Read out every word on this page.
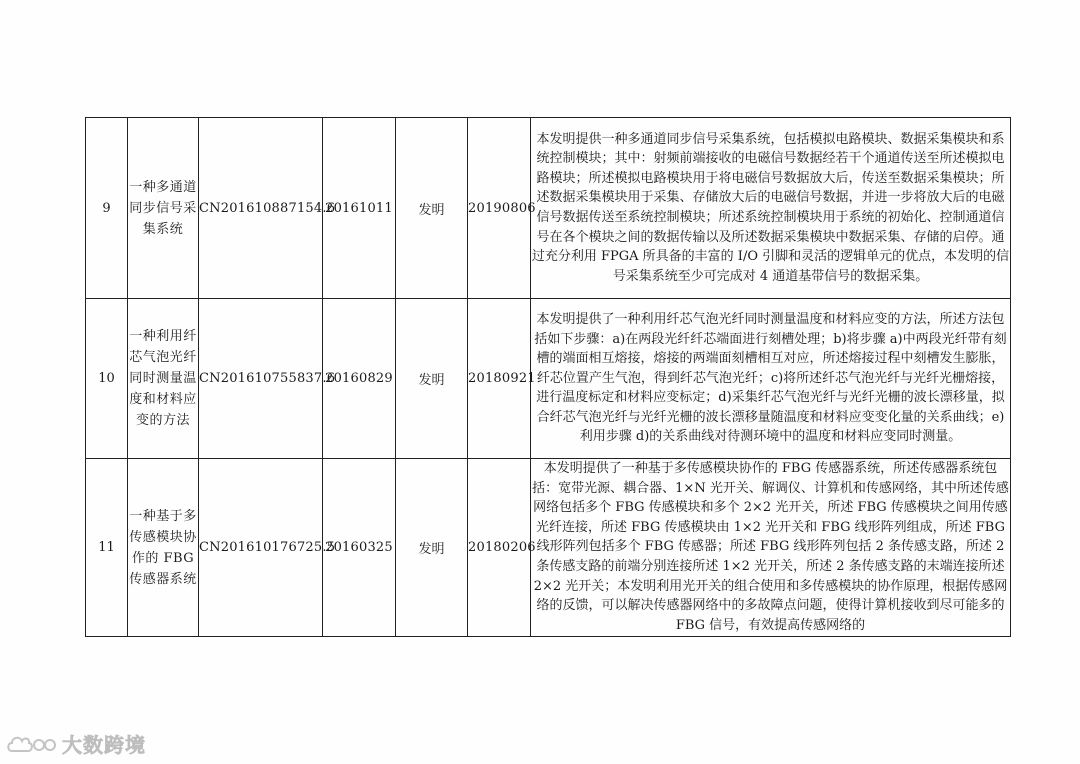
9	一种多通道同步信号采集系统	CN201610887154.6	20161011	发明	20190806	本发明提供一种多通道同步信号采集系统，包括模拟电路模块、数据采集模块和系统控制模块；其中：射频前端接收的电磁信号数据经若干个通道传送至所述模拟电路模块；所述模拟电路模块用于将电磁信号数据放大后，传送至数据采集模块；所述数据采集模块用于采集、存储放大后的电磁信号数据，并进一步将放大后的电磁信号数据传送至系统控制模块；所述系统控制模块用于系统的初始化、控制通道信号在各个模块之间的数据传输以及所述数据采集模块中数据采集、存储的启停。通过充分利用 FPGA 所具备的丰富的 I/O 引脚和灵活的逻辑单元的优点，本发明的信号采集系统至少可完成对 4 通道基带信号的数据采集。
10	一种利用纤芯气泡光纤同时测量温度和材料应变的方法	CN201610755837.6	20160829	发明	20180921	本发明提供了一种利用纤芯气泡光纤同时测量温度和材料应变的方法，所述方法包括如下步骤：a)在两段光纤纤芯端面进行刻槽处理；b)将步骤 a)中两段光纤带有刻槽的端面相互熔接，熔接的两端面刻槽相互对应，所述熔接过程中刻槽发生膨胀，纤芯位置产生气泡，得到纤芯气泡光纤；c)将所述纤芯气泡光纤与光纤光栅熔接，进行温度标定和材料应变标定；d)采集纤芯气泡光纤与光纤光栅的波长漂移量，拟合纤芯气泡光纤与光纤光栅的波长漂移量随温度和材料应变变化量的关系曲线；e)利用步骤 d)的关系曲线对待测环境中的温度和材料应变同时测量。
11	一种基于多传感模块协作的 FBG 传感器系统	CN201610176725.5	20160325	发明	20180206	本发明提供了一种基于多传感模块协作的 FBG 传感器系统，所述传感器系统包括：宽带光源、耦合器、1×N 光开关、解调仪、计算机和传感网络，其中所述传感网络包括多个 FBG 传感模块和多个 2×2 光开关，所述 FBG 传感模块之间用传感光纤连接，所述 FBG 传感模块由 1×2 光开关和 FBG 线形阵列组成，所述 FBG 线形阵列包括多个 FBG 传感器；所述 FBG 线形阵列包括 2 条传感支路，所述 2 条传感支路的前端分别连接所述 1×2 光开关，所述 2 条传感支路的末端连接所述 2×2 光开关；本发明利用光开关的组合使用和多传感模块的协作原理，根据传感网络的反馈，可以解决传感器网络中的多故障点问题，使得计算机接收到尽可能多的 FBG 信号，有效提高传感网络的
大数跨境
